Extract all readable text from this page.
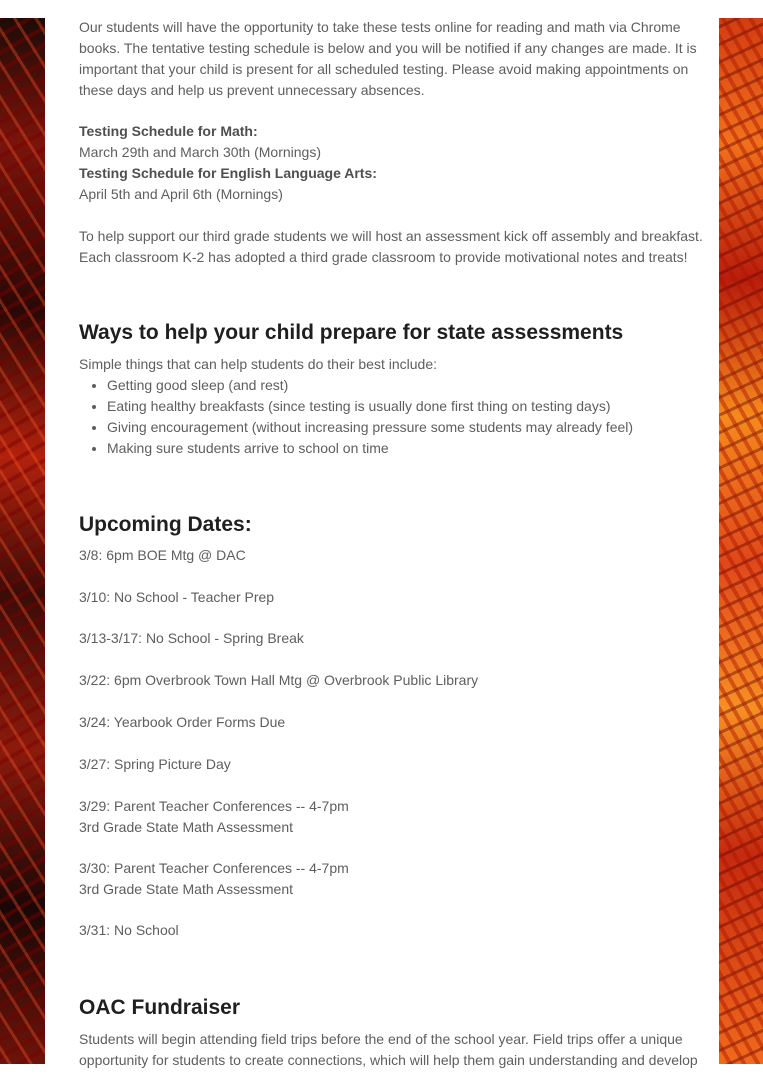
Our students will have the opportunity to take these tests online for reading and math via Chrome

books. The tentative testing schedule is below and you will be notified if any changes are made. It is

important that your child is present for all scheduled testing. Please avoid making appointments on

these days and help us prevent unnecessary absences.

Testing Schedule for Math:

March 29th and March 30th (Mornings)

Testing Schedule for English Language Arts:

April 5th and April 6th (Mornings)

To help support our third grade students we will host an assessment kick off assembly and breakfast.

Each classroom K-2 has adopted a third grade classroom to provide motivational notes and treats!

Ways to help your child prepare for state assessments

Simple things that can help students do their best include:

• Getting good sleep (and rest)
• Eating healthy breakfasts (since testing is usually done first thing on testing days)
• Giving encouragement (without increasing pressure some students may already feel)
• Making sure students arrive to school on time
Upcoming Dates:

3/8: 6pm BOE Mtg @ DAC

3/10: No School - Teacher Prep

3/13-3/17: No School - Spring Break

3/22: 6pm Overbrook Town Hall Mtg @ Overbrook Public Library

3/24: Yearbook Order Forms Due

3/27: Spring Picture Day

3/29: Parent Teacher Conferences -- 4-7pm

3rd Grade State Math Assessment

3/30: Parent Teacher Conferences -- 4-7pm

3rd Grade State Math Assessment

3/31: No School

OAC Fundraiser

Students will begin attending field trips before the end of the school year. Field trips offer a unique

opportunity for students to create connections, which will help them gain understanding and develop
